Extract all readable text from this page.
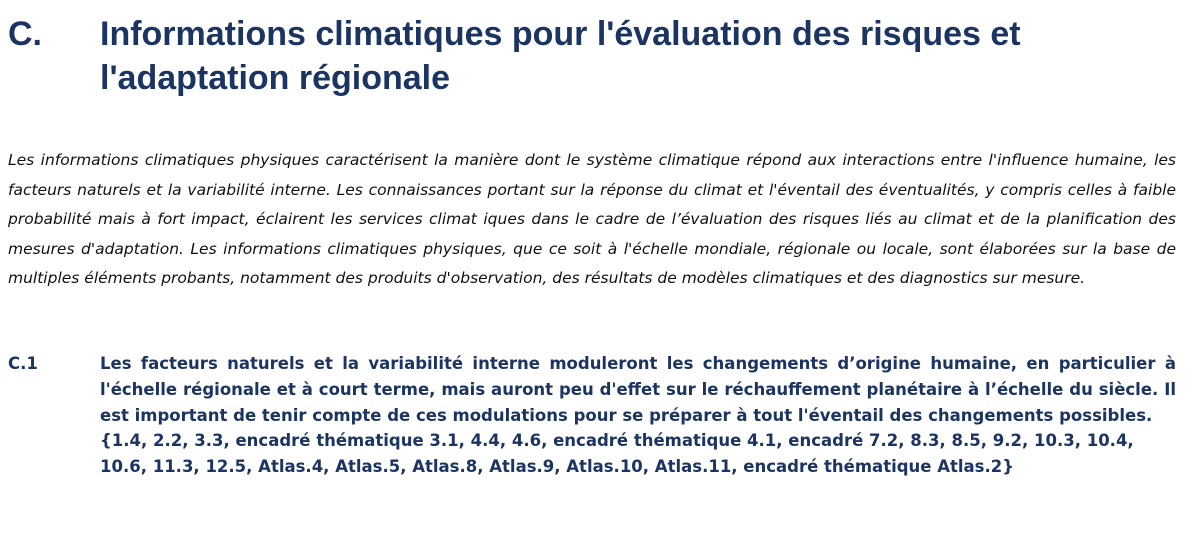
C. Informations climatiques pour l'évaluation des risques et l'adaptation régionale
Les informations climatiques physiques caractérisent la manière dont le système climatique répond aux interactions entre l'influence humaine, les facteurs naturels et la variabilité interne. Les connaissances portant sur la réponse du climat et l'éventail des éventualités, y compris celles à faible probabilité mais à fort impact, éclairent les services climat iques dans le cadre de l’évaluation des risques liés au climat et de la planification des mesures d'adaptation. Les informations climatiques physiques, que ce soit à l'échelle mondiale, régionale ou locale, sont élaborées sur la base de multiples éléments probants, notamment des produits d'observation, des résultats de modèles climatiques et des diagnostics sur mesure.
C.1	Les facteurs naturels et la variabilité interne moduleront les changements d’origine humaine, en particulier à l'échelle régionale et à court terme, mais auront peu d'effet sur le réchauffement planétaire à l’échelle du siècle. Il est important de tenir compte de ces modulations pour se préparer à tout l'éventail des changements possibles.
{1.4, 2.2, 3.3, encadré thématique 3.1, 4.4, 4.6, encadré thématique 4.1, encadré 7.2, 8.3, 8.5, 9.2, 10.3, 10.4, 10.6, 11.3, 12.5, Atlas.4, Atlas.5, Atlas.8, Atlas.9, Atlas.10, Atlas.11, encadré thématique Atlas.2}
